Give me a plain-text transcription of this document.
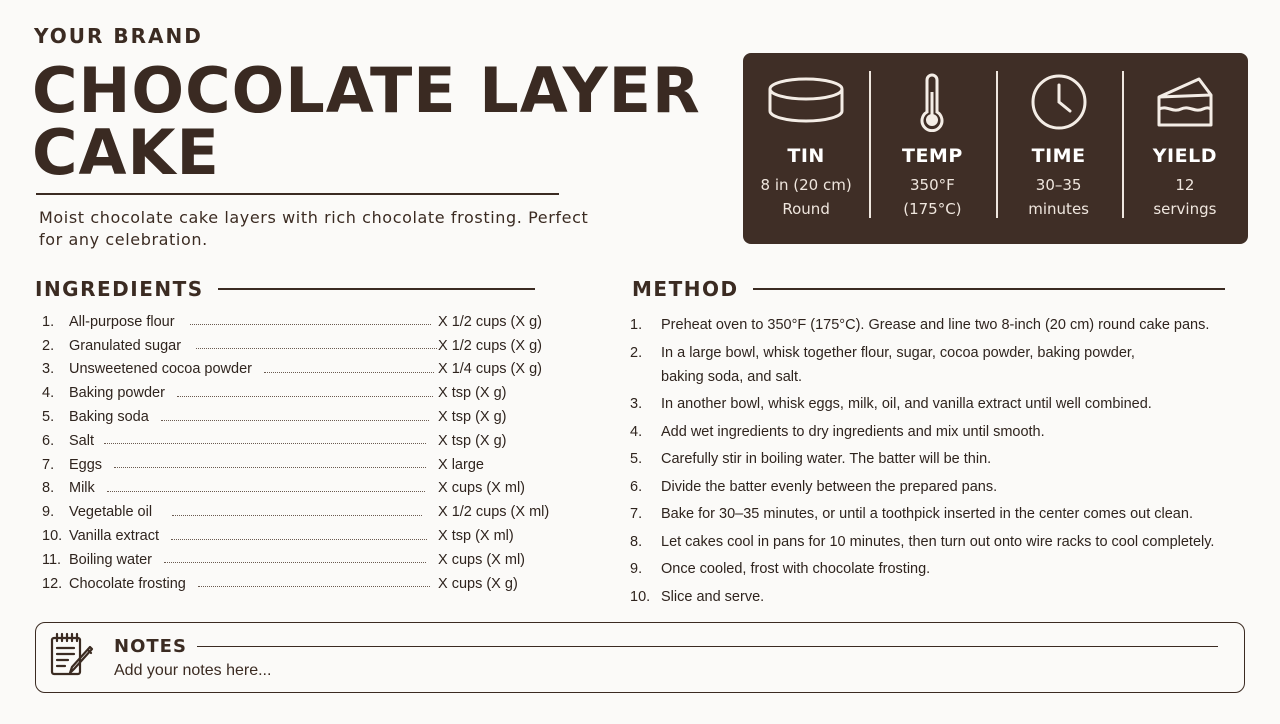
YOUR BRAND
CHOCOLATE LAYER CAKE

Moist chocolate cake layers with rich chocolate frosting. Perfect for any celebration.

TIN
8 in (20 cm)
Round
TEMP
350°F
(175°C)
TIME
30–35
minutes
YIELD
12
servings
INGREDIENTS
1.	All-purpose flour	X 1/2 cups (X g)
2.	Granulated sugar	X 1/2 cups (X g)
3.	Unsweetened cocoa powder	X 1/4 cups (X g)
4.	Baking powder	X tsp (X g)
5.	Baking soda	X tsp (X g)
6.	Salt	X tsp (X g)
7.	Eggs	X large
8.	Milk	X cups (X ml)
9.	Vegetable oil	X 1/2 cups (X ml)
10. Vanilla extract	X tsp (X ml)
11. Boiling water	X cups (X ml)
12. Chocolate frosting	X cups (X g)
METHOD
1.	Preheat oven to 350°F (175°C). Grease and line two 8-inch (20 cm) round cake pans.
2.	In a large bowl, whisk together flour, sugar, cocoa powder, baking powder, baking soda, and salt.
3.	In another bowl, whisk eggs, milk, oil, and vanilla extract until well combined.
4.	Add wet ingredients to dry ingredients and mix until smooth.
5.	Carefully stir in boiling water. The batter will be thin.
6.	Divide the batter evenly between the prepared pans.
7.	Bake for 30–35 minutes, or until a toothpick inserted in the center comes out clean.
8.	Let cakes cool in pans for 10 minutes, then turn out onto wire racks to cool completely.
9.	Once cooled, frost with chocolate frosting.
10. Slice and serve.
NOTES
Add your notes here...
